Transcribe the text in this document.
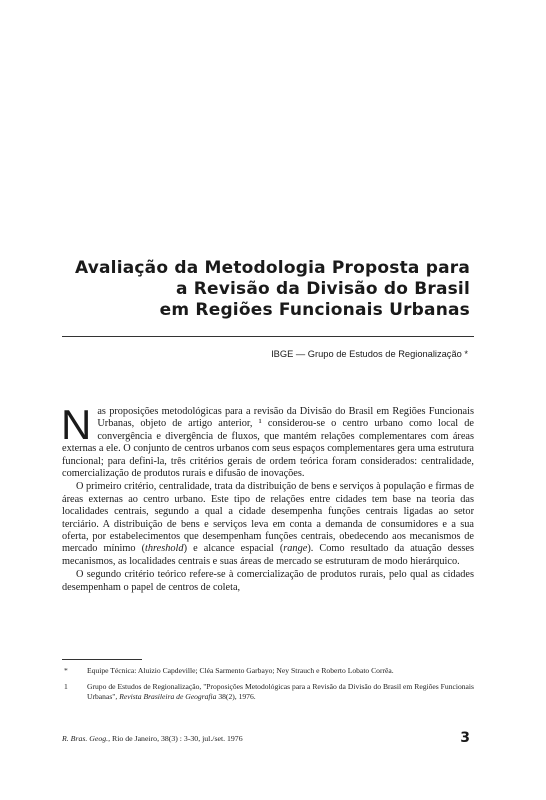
Avaliação da Metodologia Proposta para
a Revisão da Divisão do Brasil
em Regiões Funcionais Urbanas
IBGE — Grupo de Estudos de Regionalização *

Nas proposições metodológicas para a revisão da Divisão do Brasil em Regiões Funcionais Urbanas, objeto de artigo anterior, ¹ considerou-se o centro urbano como local de convergência e divergência de fluxos, que mantém relações complementares com áreas externas a ele. O conjunto de centros urbanos com seus espaços complementares gera uma estrutura funcional; para defini-la, três critérios gerais de ordem teórica foram considerados: centralidade, comercialização de produtos rurais e difusão de inovações.

O primeiro critério, centralidade, trata da distribuição de bens e serviços à população e firmas de áreas externas ao centro urbano. Este tipo de relações entre cidades tem base na teoria das localidades centrais, segundo a qual a cidade desempenha funções centrais ligadas ao setor terciário. A distribuição de bens e serviços leva em conta a demanda de consumidores e a sua oferta, por estabelecimentos que desempenham funções centrais, obedecendo aos mecanismos de mercado mínimo (threshold) e alcance espacial (range). Como resultado da atuação desses mecanismos, as localidades centrais e suas áreas de mercado se estruturam de modo hierárquico.

O segundo critério teórico refere-se à comercialização de produtos rurais, pelo qual as cidades desempenham o papel de centros de coleta,

*	Equipe Técnica: Aluizio Capdeville; Cléa Sarmento Garbayo; Ney Strauch e Roberto Lobato Corrêa.
1	Grupo de Estudos de Regionalização, "Proposições Metodológicas para a Revisão da Divisão do Brasil em Regiões Funcionais Urbanas", Revista Brasileira de Geografia 38(2), 1976.
R. Bras. Geog., Rio de Janeiro, 38(3) : 3-30, jul./set. 1976	3
